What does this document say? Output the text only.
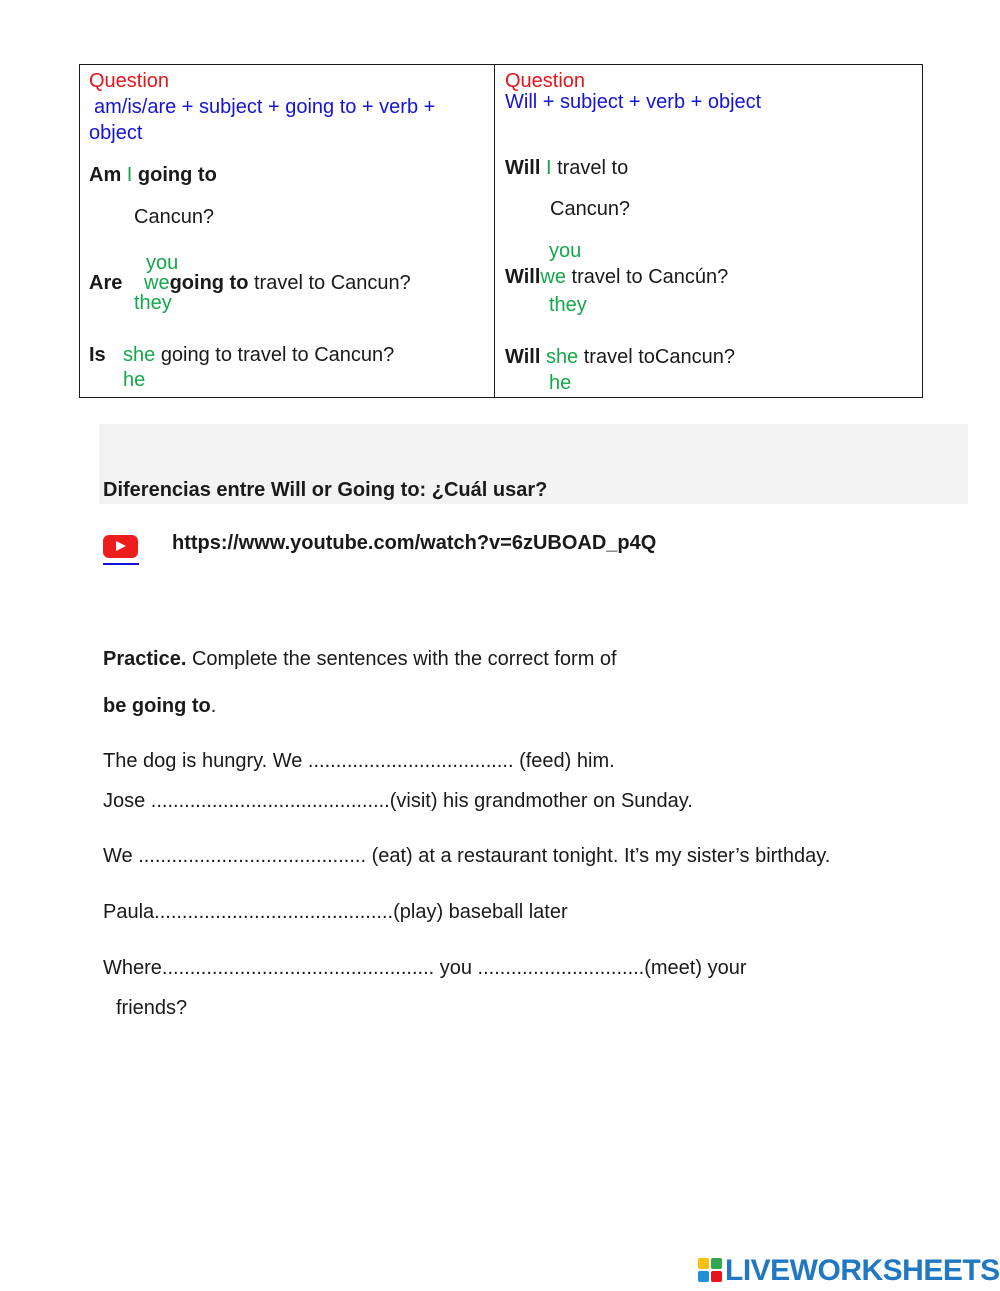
Question
am/is/are + subject + going to + verb +
object
Am I going to
Cancun?
you
Are wegoing to travel to Cancun?
they
Is she going to travel to Cancun?
he
Question
Will + subject + verb + object
Will I travel to
Cancun?
you
Willwe travel to Cancún?
they
Will she travel toCancun?
he
Diferencias entre Will or Going to: ¿Cuál usar?
https://www.youtube.com/watch?v=6zUBOAD_p4Q
Practice. Complete the sentences with the correct form of
be going to.
The dog is hungry. We ..................................... (feed) him.
Jose ...........................................(visit) his grandmother on Sunday.
We ......................................... (eat) at a restaurant tonight. It’s my sister’s birthday.
Paula...........................................(play) baseball later
Where................................................. you ..............................(meet) your
friends?
LIVEWORKSHEETS
